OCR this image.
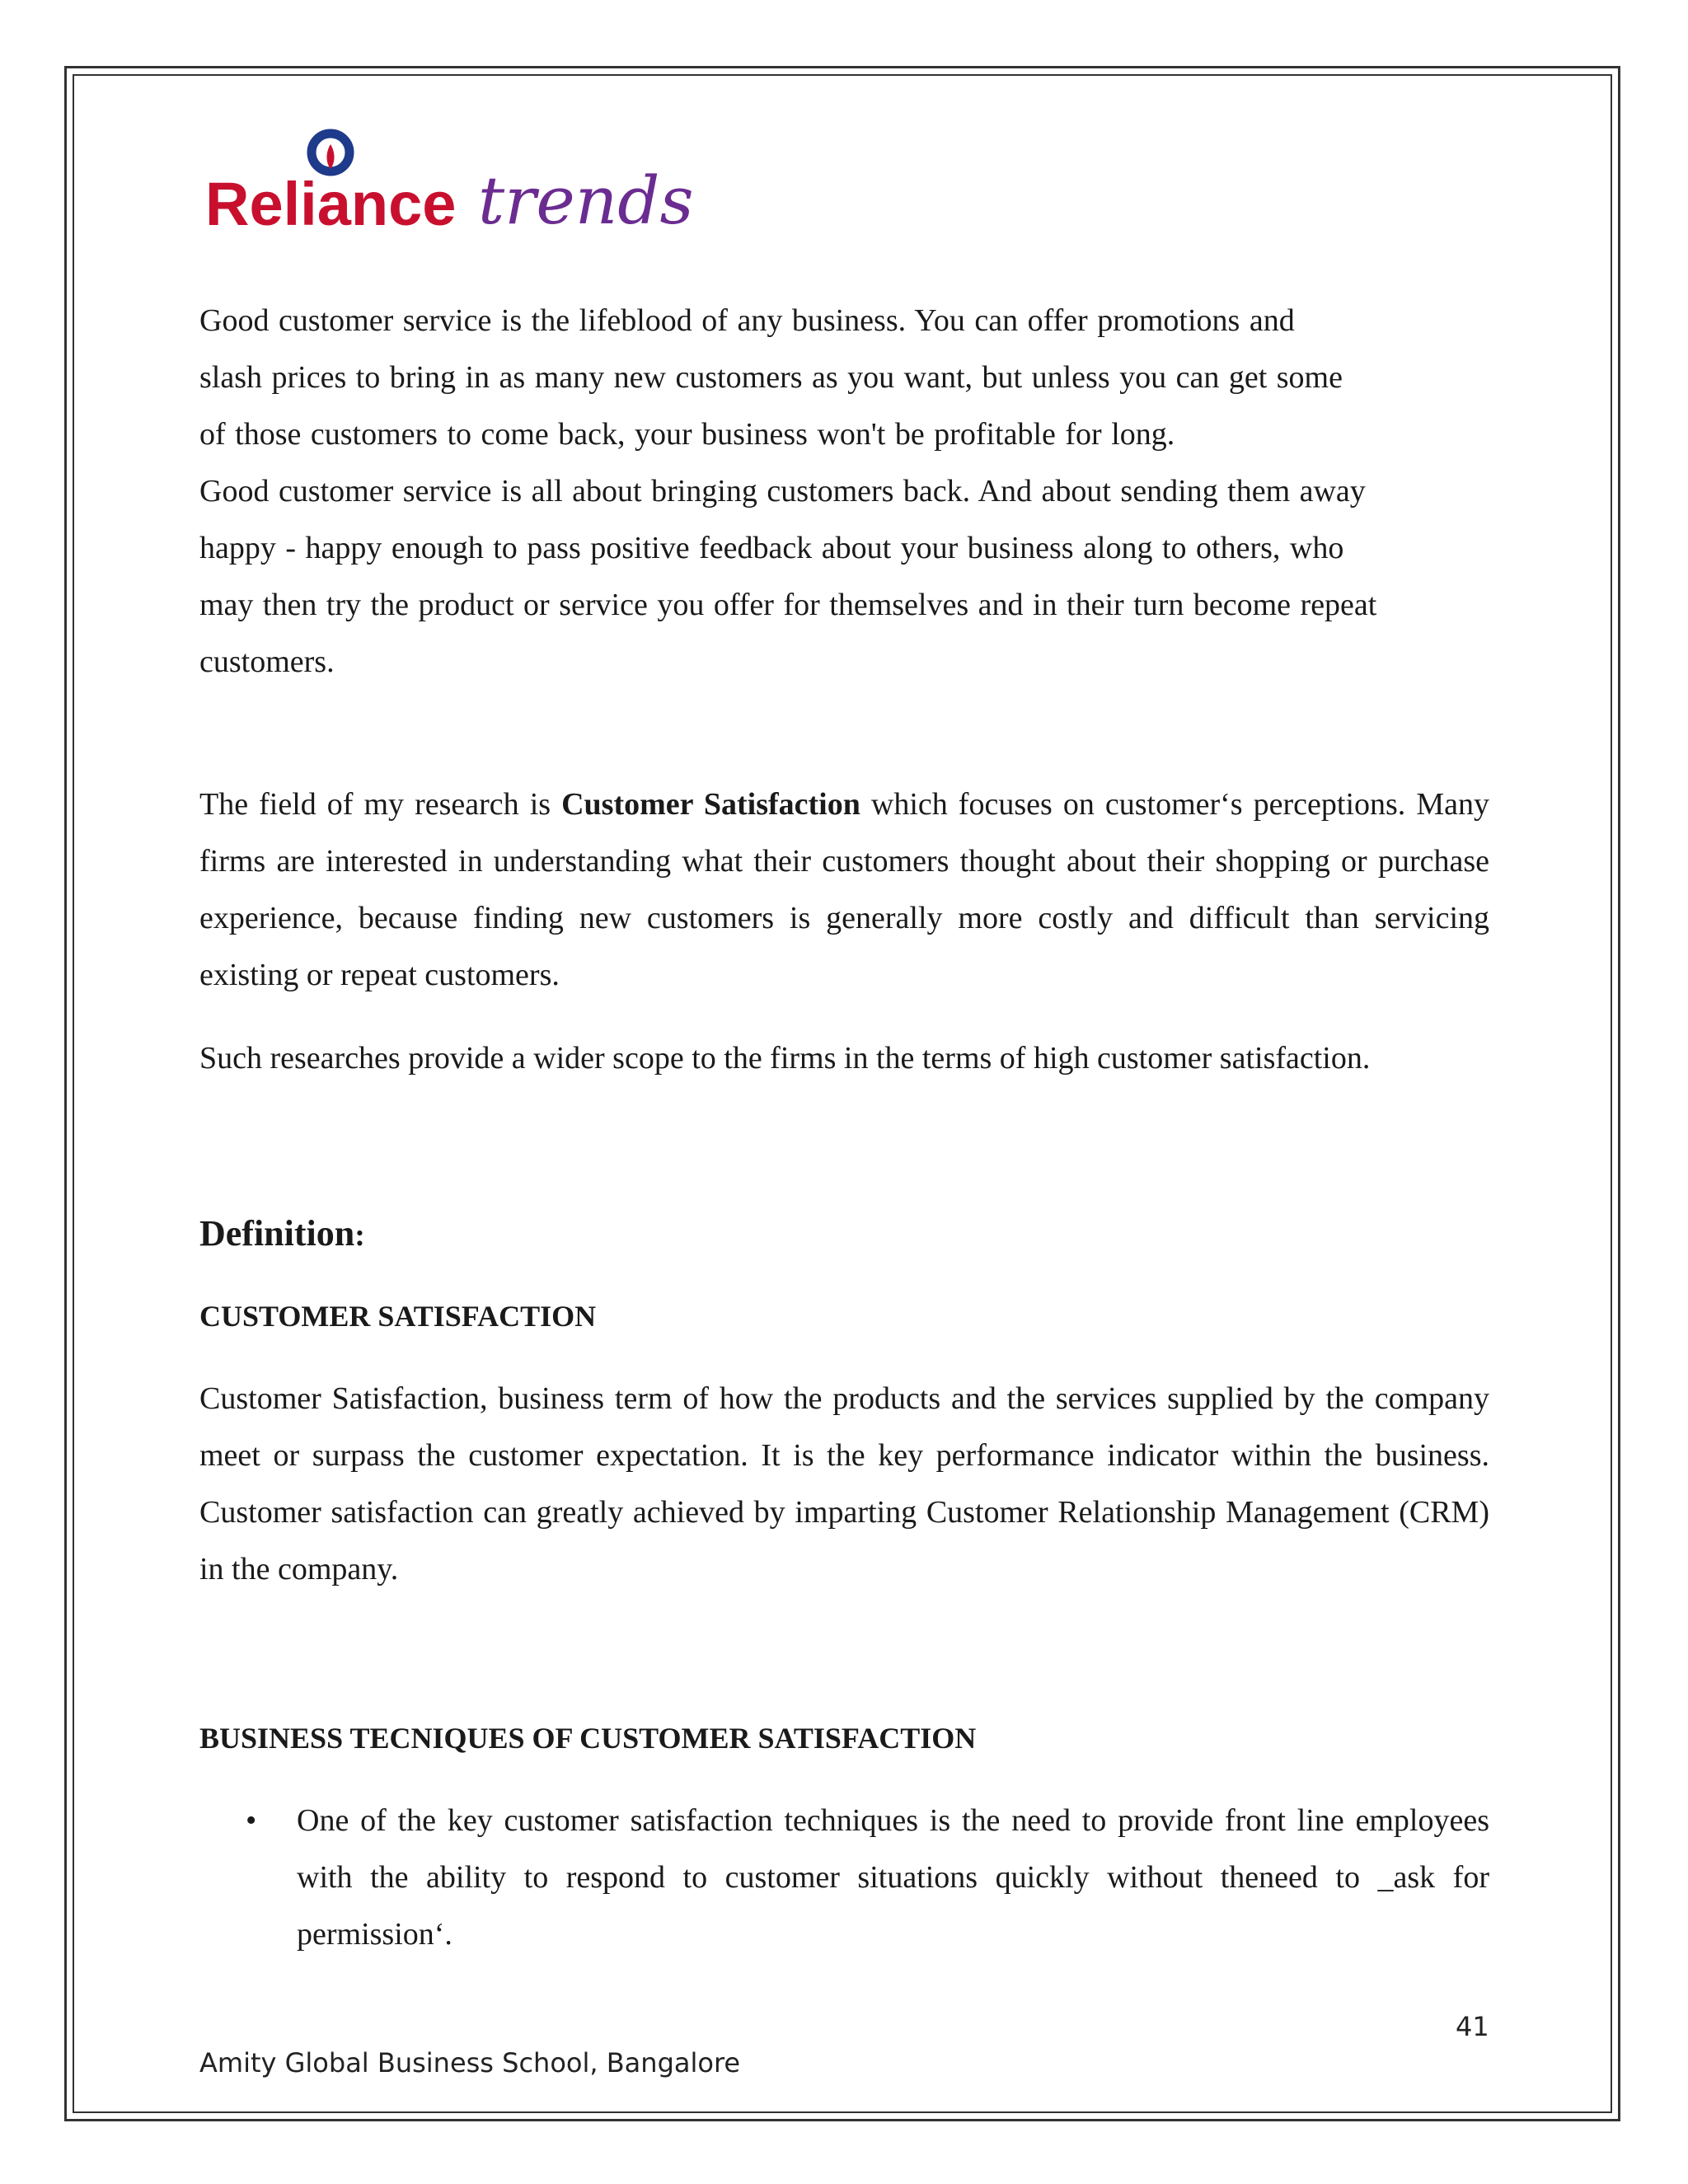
Reliance trends
Good customer service is the lifeblood of any business. You can offer promotions and
slash prices to bring in as many new customers as you want, but unless you can get some
of those customers to come back, your business won't be profitable for long.
Good customer service is all about bringing customers back. And about sending them away
happy - happy enough to pass positive feedback about your business along to others, who
may then try the product or service you offer for themselves and in their turn become repeat
customers.

The field of my research is Customer Satisfaction which focuses on customer‘s perceptions. Many firms are interested in understanding what their customers thought about their shopping or purchase experience, because finding new customers is generally more costly and difficult than servicing existing or repeat customers.

Such researches provide a wider scope to the firms in the terms of high customer satisfaction.

Definition:

CUSTOMER SATISFACTION

Customer Satisfaction, business term of how the products and the services supplied by the company meet or surpass the customer expectation. It is the key performance indicator within the business. Customer satisfaction can greatly achieved by imparting Customer Relationship Management (CRM) in the company.

BUSINESS TECNIQUES OF CUSTOMER SATISFACTION

• One of the key customer satisfaction techniques is the need to provide front line employees with the ability to respond to customer situations quickly without theneed to _ask for permission‘.
41
Amity Global Business School, Bangalore
